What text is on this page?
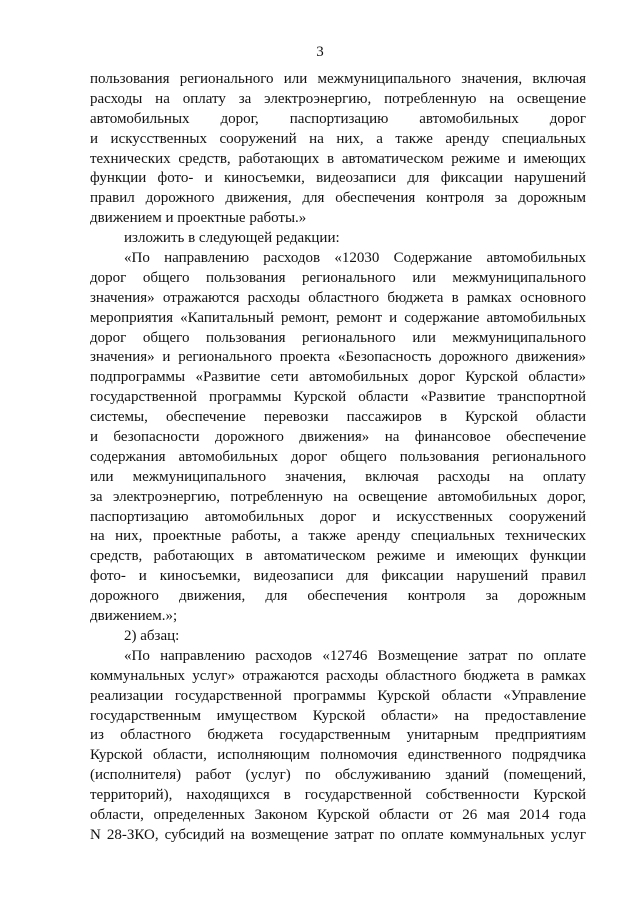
3
пользования регионального или межмуниципального значения, включая
расходы на оплату за электроэнергию, потребленную на освещение
автомобильных дорог, паспортизацию автомобильных дорог
и искусственных сооружений на них, а также аренду специальных
технических средств, работающих в автоматическом режиме и имеющих
функции фото- и киносъемки, видеозаписи для фиксации нарушений
правил дорожного движения, для обеспечения контроля за дорожным
движением и проектные работы.»
изложить в следующей редакции:
«По направлению расходов «12030 Содержание автомобильных
дорог общего пользования регионального или межмуниципального
значения» отражаются расходы областного бюджета в рамках основного
мероприятия «Капитальный ремонт, ремонт и содержание автомобильных
дорог общего пользования регионального или межмуниципального
значения» и регионального проекта «Безопасность дорожного движения»
подпрограммы «Развитие сети автомобильных дорог Курской области»
государственной программы Курской области «Развитие транспортной
системы, обеспечение перевозки пассажиров в Курской области
и безопасности дорожного движения» на финансовое обеспечение
содержания автомобильных дорог общего пользования регионального
или межмуниципального значения, включая расходы на оплату
за электроэнергию, потребленную на освещение автомобильных дорог,
паспортизацию автомобильных дорог и искусственных сооружений
на них, проектные работы, а также аренду специальных технических
средств, работающих в автоматическом режиме и имеющих функции
фото- и киносъемки, видеозаписи для фиксации нарушений правил
дорожного движения, для обеспечения контроля за дорожным
движением.»;
2) абзац:
«По направлению расходов «12746 Возмещение затрат по оплате
коммунальных услуг» отражаются расходы областного бюджета в рамках
реализации государственной программы Курской области «Управление
государственным имуществом Курской области» на предоставление
из областного бюджета государственным унитарным предприятиям
Курской области, исполняющим полномочия единственного подрядчика
(исполнителя) работ (услуг) по обслуживанию зданий (помещений,
территорий), находящихся в государственной собственности Курской
области, определенных Законом Курской области от 26 мая 2014 года
N 28-ЗКО, субсидий на возмещение затрат по оплате коммунальных услуг
